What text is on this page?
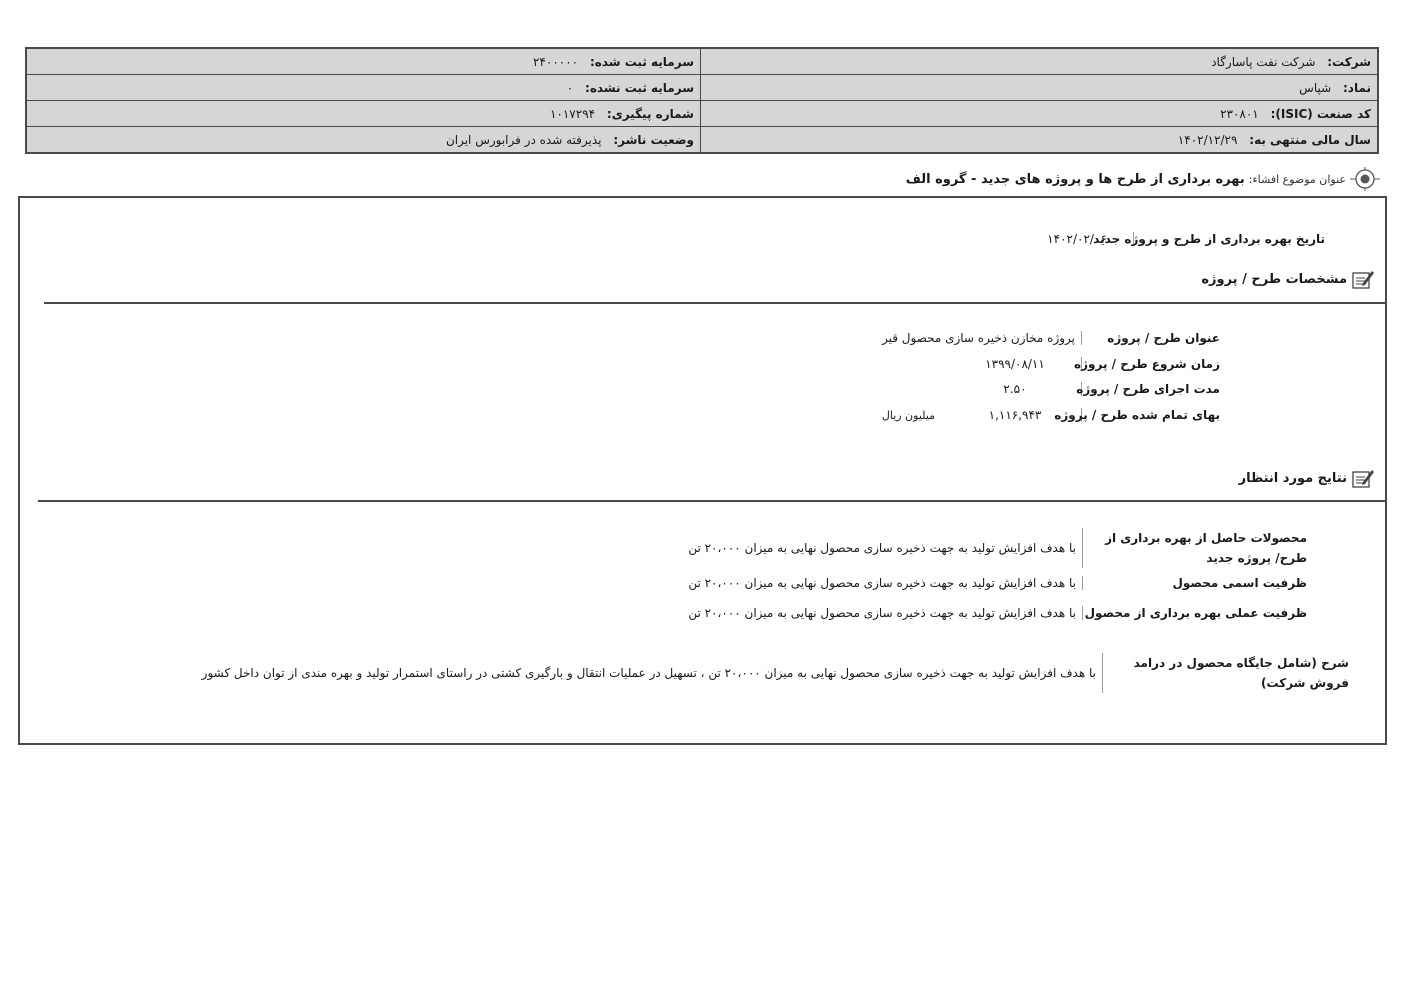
شرکت: شرکت نفت پاسارگاد	سرمایه ثبت شده: ۲۴۰۰۰۰۰
نماد: شپاس	سرمایه ثبت نشده: ۰
کد صنعت (ISIC): ۲۳۰۸۰۱	شماره پیگیری: ۱۰۱۷۲۹۴
سال مالی منتهی به: ۱۴۰۲/۱۲/۲۹	وضعیت ناشر: پذیرفته شده در فرابورس ایران
عنوان موضوع افشاء:
بهره برداری از طرح ها و پروژه های جدید - گروه الف
تاریخ بهره برداری از طرح و پروژه جدید
۱۴۰۲/۰۲/۰۶
مشخصات طرح / پروژه
عنوان طرح / پروژه
پروژه مخازن ذخیره سازی محصول قیر
زمان شروع طرح / پروژه
۱۳۹۹/۰۸/۱۱
مدت اجرای طرح / پروژه
۲.۵۰
بهای تمام شده طرح / پروژه
۱,۱۱۶,۹۴۳
میلیون ریال
نتایج مورد انتظار
محصولات حاصل از بهره برداری از طرح/ پروژه جدید
با هدف افزایش تولید به جهت ذخیره سازی محصول نهایی به میزان ۲۰،۰۰۰ تن
ظرفیت اسمی محصول
با هدف افزایش تولید به جهت ذخیره سازی محصول نهایی به میزان ۲۰،۰۰۰ تن
ظرفیت عملی بهره برداری از محصول
با هدف افزایش تولید به جهت ذخیره سازی محصول نهایی به میزان ۲۰،۰۰۰ تن
شرح (شامل جایگاه محصول در درامد فروش شرکت)
با هدف افزایش تولید به جهت ذخیره سازی محصول نهایی به میزان ۲۰،۰۰۰ تن ، تسهیل در عملیات انتقال و بارگیری کشتی در راستای استمرار تولید و بهره مندی از توان داخل کشور
